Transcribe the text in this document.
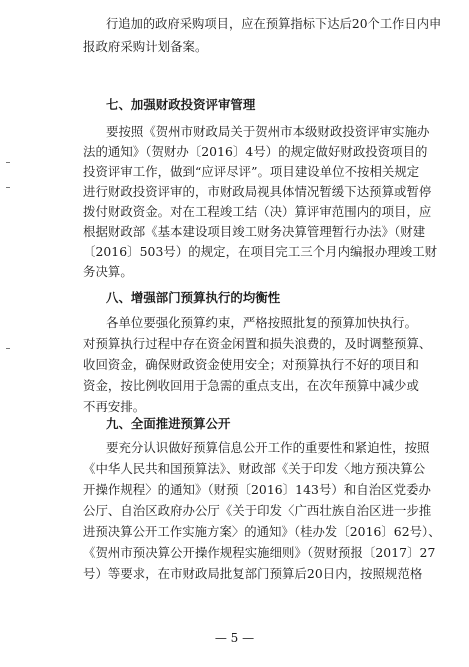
— 5 —
行追加的政府采购项目，应在预算指标下达后20个工作日内申
报政府采购计划备案。
七、加强财政投资评审管理
要按照《贺州市财政局关于贺州市本级财政投资评审实施办
法的通知》（贺财办〔2016〕4号）的规定做好财政投资项目的
投资评审工作，做到“应评尽评”。项目建设单位不按相关规定
进行财政投资评审的，市财政局视具体情况暂缓下达预算或暂停
拨付财政资金。对在工程竣工结（决）算评审范围内的项目，应
根据财政部《基本建设项目竣工财务决算管理暂行办法》（财建
〔2016〕503号）的规定，在项目完工三个月内编报办理竣工财
务决算。
八、增强部门预算执行的均衡性
各单位要强化预算约束，严格按照批复的预算加快执行。
对预算执行过程中存在资金闲置和损失浪费的，及时调整预算、
收回资金，确保财政资金使用安全；对预算执行不好的项目和
资金，按比例收回用于急需的重点支出，在次年预算中减少或
不再安排。
九、全面推进预算公开
要充分认识做好预算信息公开工作的重要性和紧迫性，按照
《中华人民共和国预算法》、财政部《关于印发〈地方预决算公
开操作规程〉的通知》（财预〔2016〕143号）和自治区党委办
公厅、自治区政府办公厅《关于印发〈广西壮族自治区进一步推
进预决算公开工作实施方案〉的通知》（桂办发〔2016〕62号）、
《贺州市预决算公开操作规程实施细则》（贺财预报〔2017〕27
号）等要求，在市财政局批复部门预算后20日内，按照规范格
